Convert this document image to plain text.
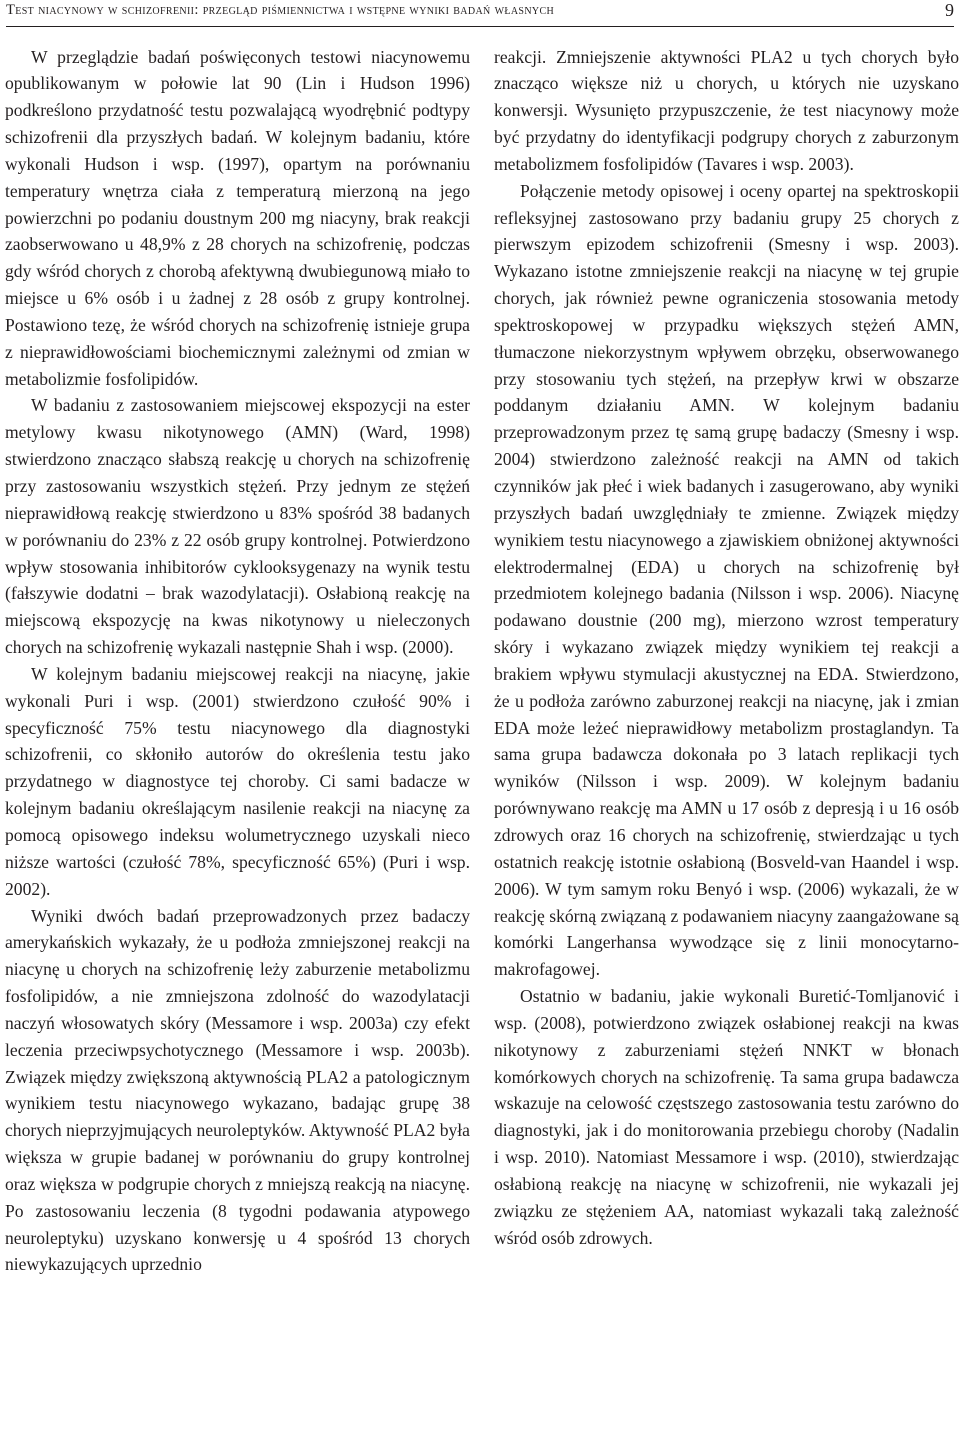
Test niacynowy w schizofrenii: przegląd piśmiennictwa i wstępne wyniki badań własnych	9

W przeglądzie badań poświęconych testowi niacynowemu opublikowanym w połowie lat 90 (Lin i Hudson 1996) podkreślono przydatność testu pozwalającą wyodrębnić podtypy schizofrenii dla przyszłych badań. W kolejnym badaniu, które wykonali Hudson i wsp. (1997), opartym na porównaniu temperatury wnętrza ciała z temperaturą mierzoną na jego powierzchni po podaniu doustnym 200 mg niacyny, brak reakcji zaobserwowano u 48,9% z 28 chorych na schizofrenię, podczas gdy wśród chorych z chorobą afektywną dwubiegunową miało to miejsce u 6% osób i u żadnej z 28 osób z grupy kontrolnej. Postawiono tezę, że wśród chorych na schizofrenię istnieje grupa z nieprawidłowościami biochemicznymi zależnymi od zmian w metabolizmie fosfolipidów.

W badaniu z zastosowaniem miejscowej ekspozycji na ester metylowy kwasu nikotynowego (AMN) (Ward, 1998) stwierdzono znacząco słabszą reakcję u chorych na schizofrenię przy zastosowaniu wszystkich stężeń. Przy jednym ze stężeń nieprawidłową reakcję stwierdzono u 83% spośród 38 badanych w porównaniu do 23% z 22 osób grupy kontrolnej. Potwierdzono wpływ stosowania inhibitorów cyklooksygenazy na wynik testu (fałszywie dodatni – brak wazodylatacji). Osłabioną reakcję na miejscową ekspozycję na kwas nikotynowy u nieleczonych chorych na schizofrenię wykazali następnie Shah i wsp. (2000).

W kolejnym badaniu miejscowej reakcji na niacynę, jakie wykonali Puri i wsp. (2001) stwierdzono czułość 90% i specyficzność 75% testu niacynowego dla diagnostyki schizofrenii, co skłoniło autorów do określenia testu jako przydatnego w diagnostyce tej choroby. Ci sami badacze w kolejnym badaniu określającym nasilenie reakcji na niacynę za pomocą opisowego indeksu wolumetrycznego uzyskali nieco niższe wartości (czułość 78%, specyficzność 65%) (Puri i wsp. 2002).

Wyniki dwóch badań przeprowadzonych przez badaczy amerykańskich wykazały, że u podłoża zmniejszonej reakcji na niacynę u chorych na schizofrenię leży zaburzenie metabolizmu fosfolipidów, a nie zmniejszona zdolność do wazodylatacji naczyń włosowatych skóry (Messamore i wsp. 2003a) czy efekt leczenia przeciwpsychotycznego (Messamore i wsp. 2003b). Związek między zwiększoną aktywnością PLA2 a patologicznym wynikiem testu niacynowego wykazano, badając grupę 38 chorych nieprzyjmujących neuroleptyków. Aktywność PLA2 była większa w grupie badanej w porównaniu do grupy kontrolnej oraz większa w podgrupie chorych z mniejszą reakcją na niacynę. Po zastosowaniu leczenia (8 tygodni podawania atypowego neuroleptyku) uzyskano konwersję u 4 spośród 13 chorych niewykazujących uprzednio

reakcji. Zmniejszenie aktywności PLA2 u tych chorych było znacząco większe niż u chorych, u których nie uzyskano konwersji. Wysunięto przypuszczenie, że test niacynowy może być przydatny do identyfikacji podgrupy chorych z zaburzonym metabolizmem fosfolipidów (Tavares i wsp. 2003).

Połączenie metody opisowej i oceny opartej na spektroskopii refleksyjnej zastosowano przy badaniu grupy 25 chorych z pierwszym epizodem schizofrenii (Smesny i wsp. 2003). Wykazano istotne zmniejszenie reakcji na niacynę w tej grupie chorych, jak również pewne ograniczenia stosowania metody spektroskopowej w przypadku większych stężeń AMN, tłumaczone niekorzystnym wpływem obrzęku, obserwowanego przy stosowaniu tych stężeń, na przepływ krwi w obszarze poddanym działaniu AMN. W kolejnym badaniu przeprowadzonym przez tę samą grupę badaczy (Smesny i wsp. 2004) stwierdzono zależność reakcji na AMN od takich czynników jak płeć i wiek badanych i zasugerowano, aby wyniki przyszłych badań uwzględniały te zmienne. Związek między wynikiem testu niacynowego a zjawiskiem obniżonej aktywności elektrodermalnej (EDA) u chorych na schizofrenię był przedmiotem kolejnego badania (Nilsson i wsp. 2006). Niacynę podawano doustnie (200 mg), mierzono wzrost temperatury skóry i wykazano związek między wynikiem tej reakcji a brakiem wpływu stymulacji akustycznej na EDA. Stwierdzono, że u podłoża zarówno zaburzonej reakcji na niacynę, jak i zmian EDA może leżeć nieprawidłowy metabolizm prostaglandyn. Ta sama grupa badawcza dokonała po 3 latach replikacji tych wyników (Nilsson i wsp. 2009). W kolejnym badaniu porównywano reakcję ma AMN u 17 osób z depresją i u 16 osób zdrowych oraz 16 chorych na schizofrenię, stwierdzając u tych ostatnich reakcję istotnie osłabioną (Bosveld-van Haandel i wsp. 2006). W tym samym roku Benyó i wsp. (2006) wykazali, że w reakcję skórną związaną z podawaniem niacyny zaangażowane są komórki Langerhansa wywodzące się z linii monocytarno-makrofagowej.

Ostatnio w badaniu, jakie wykonali Buretić-Tomljanović i wsp. (2008), potwierdzono związek osłabionej reakcji na kwas nikotynowy z zaburzeniami stężeń NNKT w błonach komórkowych chorych na schizofrenię. Ta sama grupa badawcza wskazuje na celowość częstszego zastosowania testu zarówno do diagnostyki, jak i do monitorowania przebiegu choroby (Nadalin i wsp. 2010). Natomiast Messamore i wsp. (2010), stwierdzając osłabioną reakcję na niacynę w schizofrenii, nie wykazali jej związku ze stężeniem AA, natomiast wykazali taką zależność wśród osób zdrowych.
